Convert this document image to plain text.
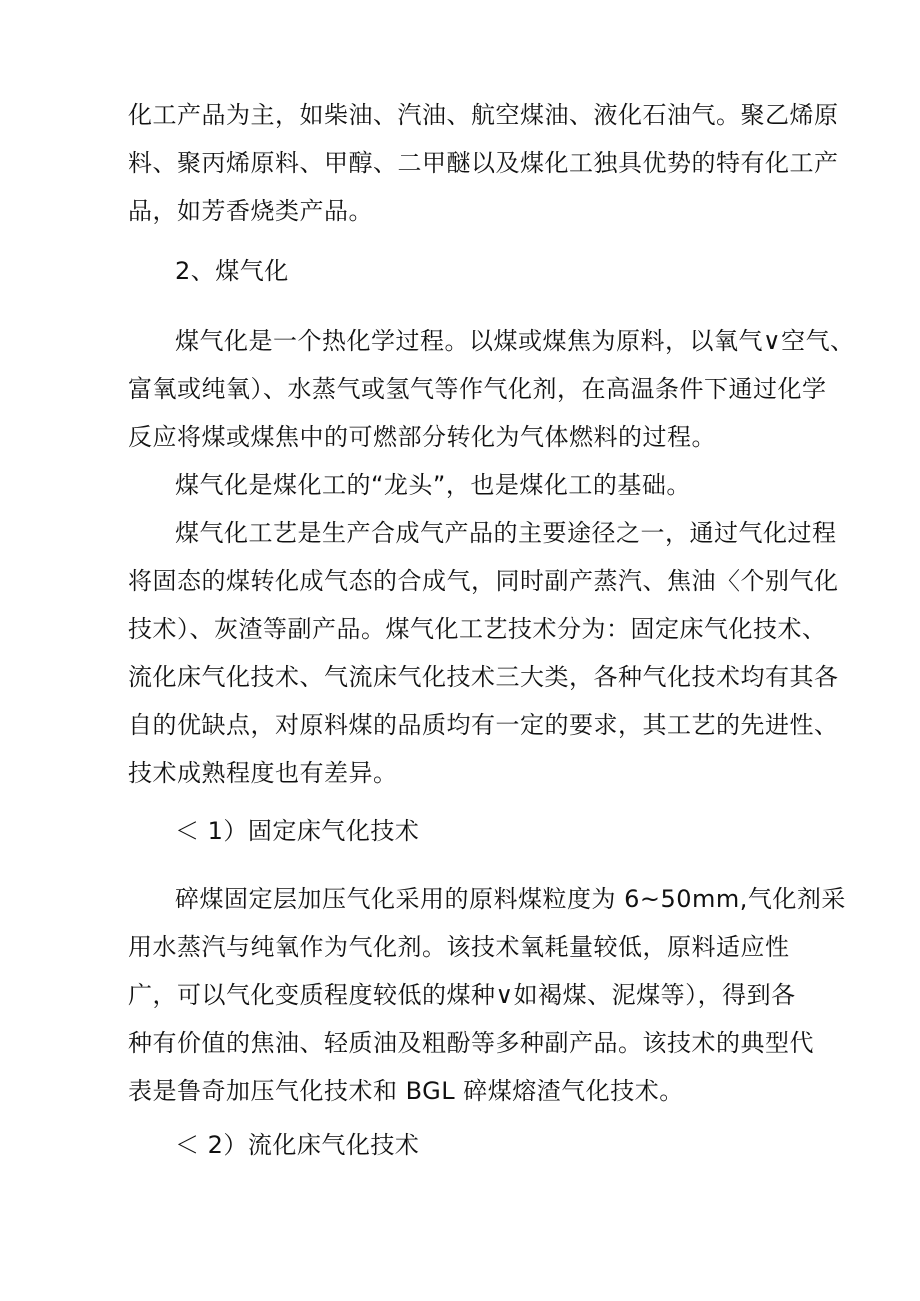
化工产品为主，如柴油、汽油、航空煤油、液化石油气。聚乙烯原
料、聚丙烯原料、甲醇、二甲醚以及煤化工独具优势的特有化工产
品，如芳香烧类产品。
2、煤气化
煤气化是一个热化学过程。以煤或煤焦为原料，以氧气∨空气、
富氧或纯氧）、水蒸气或氢气等作气化剂，在高温条件下通过化学
反应将煤或煤焦中的可燃部分转化为气体燃料的过程。
煤气化是煤化工的“龙头”，也是煤化工的基础。
煤气化工艺是生产合成气产品的主要途径之一，通过气化过程
将固态的煤转化成气态的合成气，同时副产蒸汽、焦油〈个别气化
技术）、灰渣等副产品。煤气化工艺技术分为：固定床气化技术、
流化床气化技术、气流床气化技术三大类，各种气化技术均有其各
自的优缺点，对原料煤的品质均有一定的要求，其工艺的先进性、
技术成熟程度也有差异。
＜ 1）固定床气化技术
碎煤固定层加压气化采用的原料煤粒度为 6~50mm,气化剂采
用水蒸汽与纯氧作为气化剂。该技术氧耗量较低，原料适应性
广，可以气化变质程度较低的煤种∨如褐煤、泥煤等），得到各
种有价值的焦油、轻质油及粗酚等多种副产品。该技术的典型代
表是鲁奇加压气化技术和 BGL 碎煤熔渣气化技术。
＜ 2）流化床气化技术
